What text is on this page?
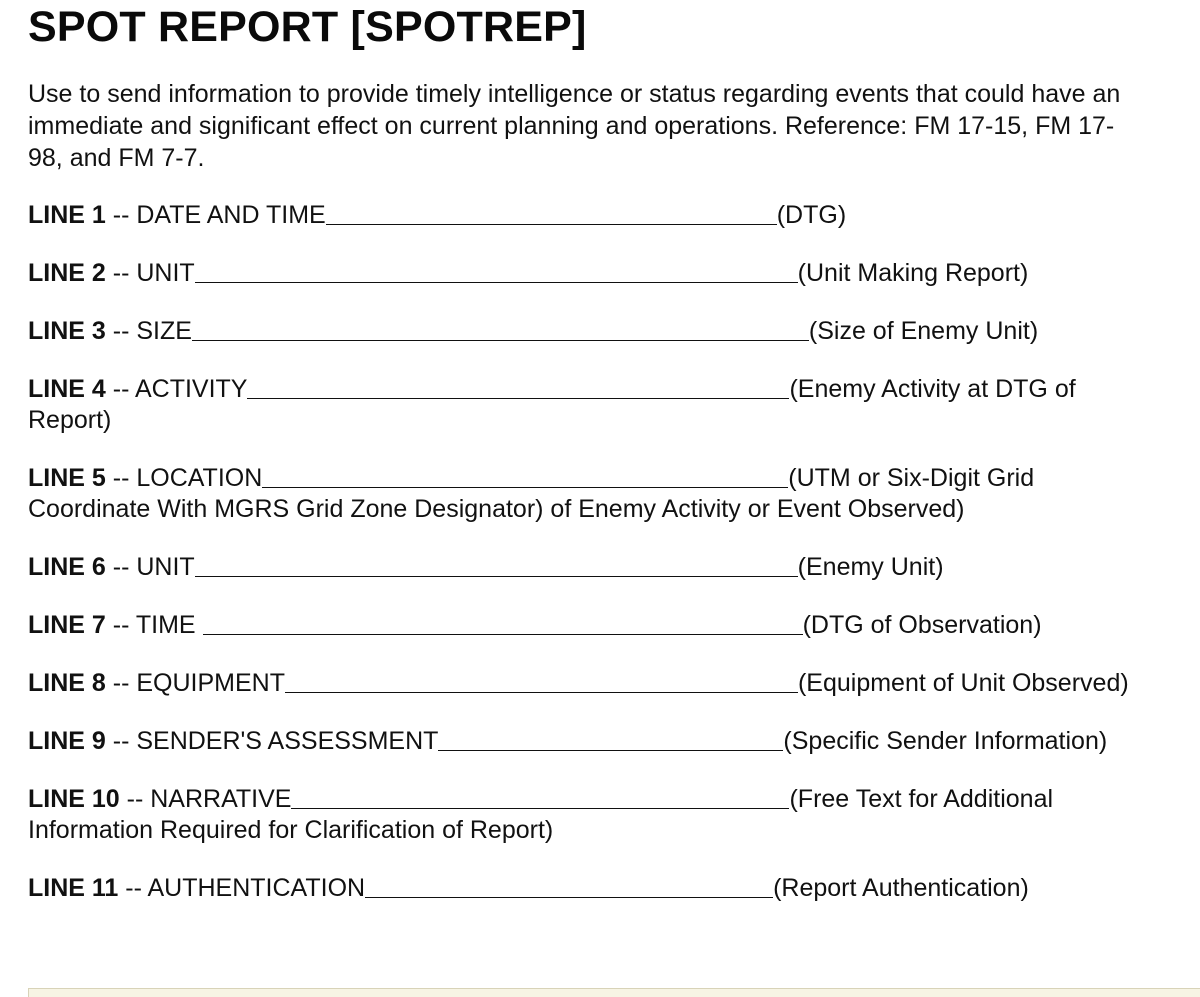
SPOT REPORT [SPOTREP]

Use to send information to provide timely intelligence or status regarding events that could have an immediate and significant effect on current planning and operations. Reference: FM 17-15, FM 17-98, and FM 7-7.

LINE 1 -- DATE AND TIME	(DTG)
LINE 2 -- UNIT	(Unit Making Report)
LINE 3 -- SIZE	(Size of Enemy Unit)
LINE 4 -- ACTIVITY	(Enemy Activity at DTG of Report)
LINE 5 -- LOCATION	(UTM or Six-Digit Grid Coordinate With MGRS Grid Zone Designator) of Enemy Activity or Event Observed)
LINE 6 -- UNIT	(Enemy Unit)
LINE 7 -- TIME	(DTG of Observation)
LINE 8 -- EQUIPMENT	(Equipment of Unit Observed)
LINE 9 -- SENDER'S ASSESSMENT	(Specific Sender Information)
LINE 10 -- NARRATIVE	(Free Text for Additional Information Required for Clarification of Report)
LINE 11 -- AUTHENTICATION	(Report Authentication)
